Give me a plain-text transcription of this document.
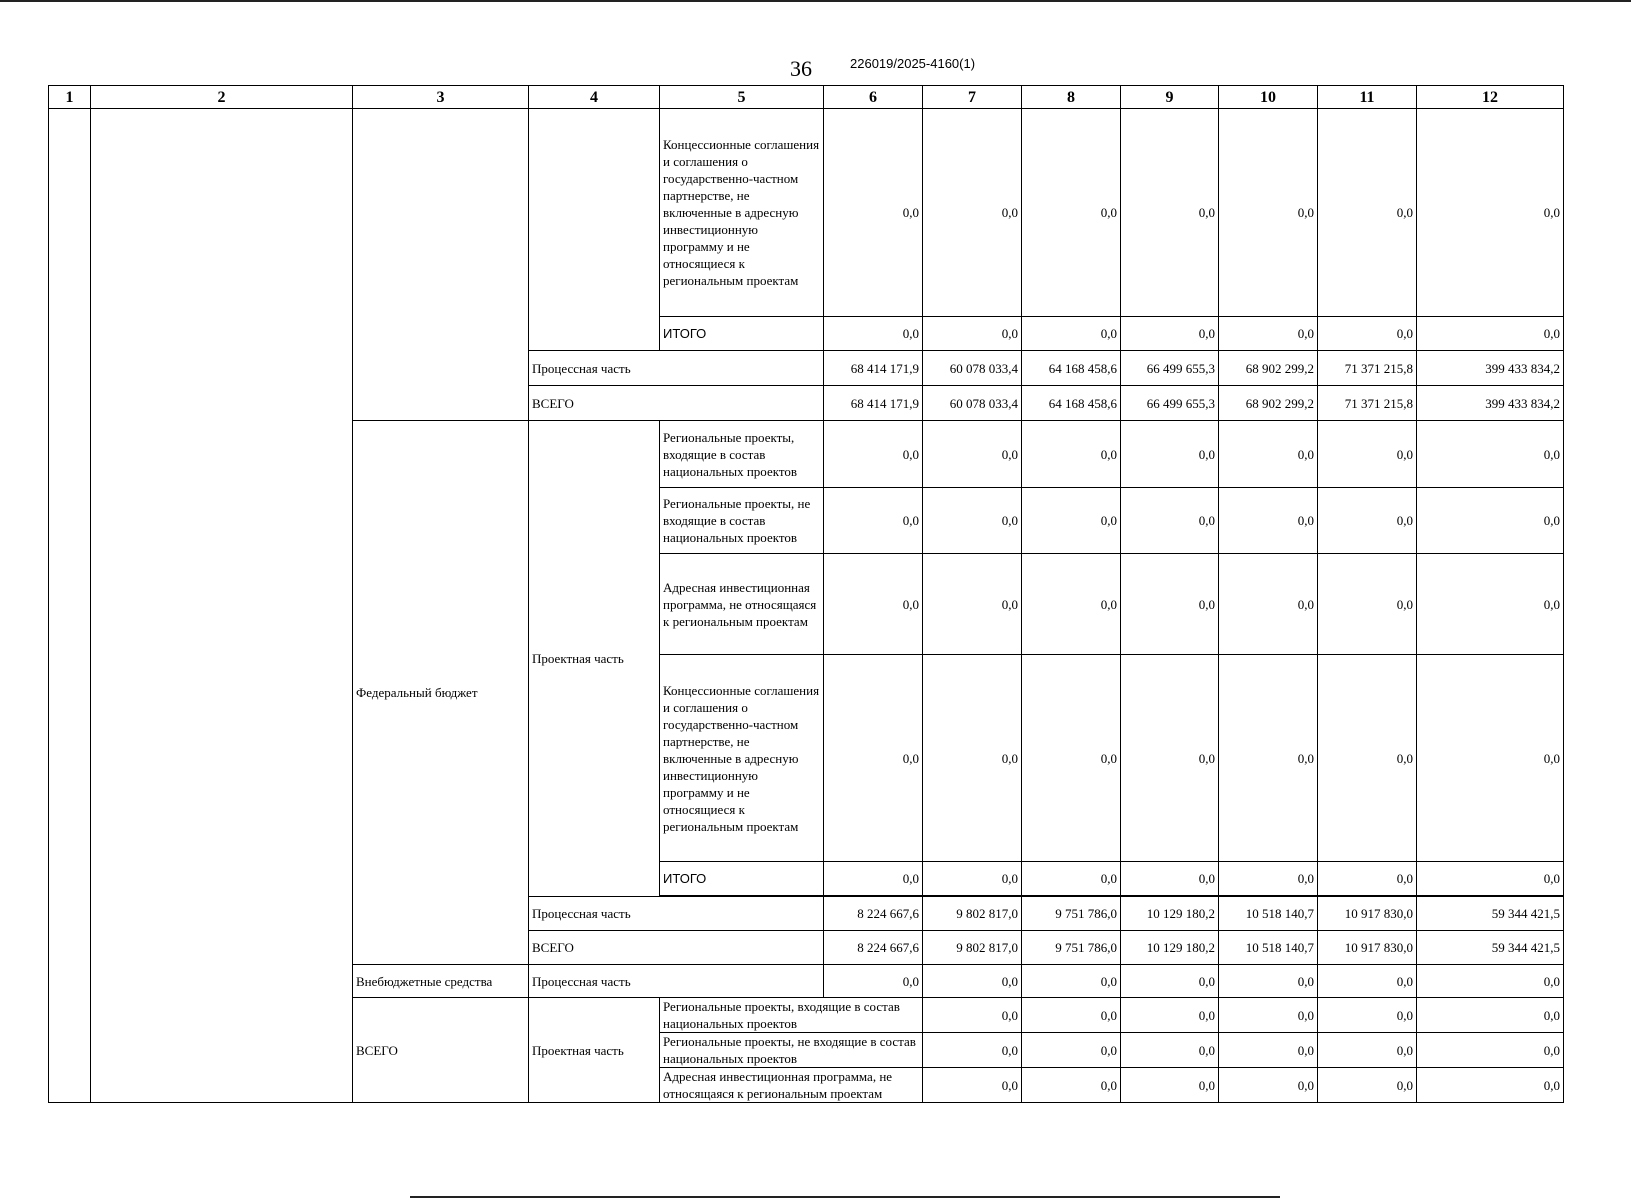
36	226019/2025-4160(1)
1	2	3	4	5	6	7	8	9	10	11	12	
				Концессионные соглашения и соглашения о государственно-частном партнерстве, не включенные в адресную инвестиционную программу и не относящиеся к региональным проектам	0,0	0,0	0,0	0,0	0,0	0,0	0,0	
				ИТОГО	0,0	0,0	0,0	0,0	0,0	0,0	0,0	
			Процессная часть		68 414 171,9	60 078 033,4	64 168 458,6	66 499 655,3	68 902 299,2	71 371 215,8	399 433 834,2	
			ВСЕГО		68 414 171,9	60 078 033,4	64 168 458,6	66 499 655,3	68 902 299,2	71 371 215,8	399 433 834,2	
		Федеральный бюджет	Проектная часть	Региональные проекты, входящие в состав национальных проектов	0,0	0,0	0,0	0,0	0,0	0,0	0,0	
				Региональные проекты, не входящие в состав национальных проектов	0,0	0,0	0,0	0,0	0,0	0,0	0,0	
				Адресная инвестиционная программа, не относящаяся к региональным проектам	0,0	0,0	0,0	0,0	0,0	0,0	0,0	
				Концессионные соглашения и соглашения о государственно-частном партнерстве, не включенные в адресную инвестиционную программу и не относящиеся к региональным проектам	0,0	0,0	0,0	0,0	0,0	0,0	0,0	
				ИТОГО	0,0	0,0	0,0	0,0	0,0	0,0	0,0	

			Процессная часть		8 224 667,6	9 802 817,0	9 751 786,0	10 129 180,2	10 518 140,7	10 917 830,0	59 344 421,5	
			ВСЕГО		8 224 667,6	9 802 817,0	9 751 786,0	10 129 180,2	10 518 140,7	10 917 830,0	59 344 421,5	
		Внебюджетные средства	Процессная часть		0,0	0,0	0,0	0,0	0,0	0,0	0,0	
		ВСЕГО	Проектная часть	Региональные проекты, входящие в состав национальных проектов		0,0	0,0	0,0	0,0	0,0	0,0	
				Региональные проекты, не входящие в состав национальных проектов		0,0	0,0	0,0	0,0	0,0	0,0	
				Адресная инвестиционная программа, не относящаяся к региональным проектам		0,0	0,0	0,0	0,0	0,0	0,0	
